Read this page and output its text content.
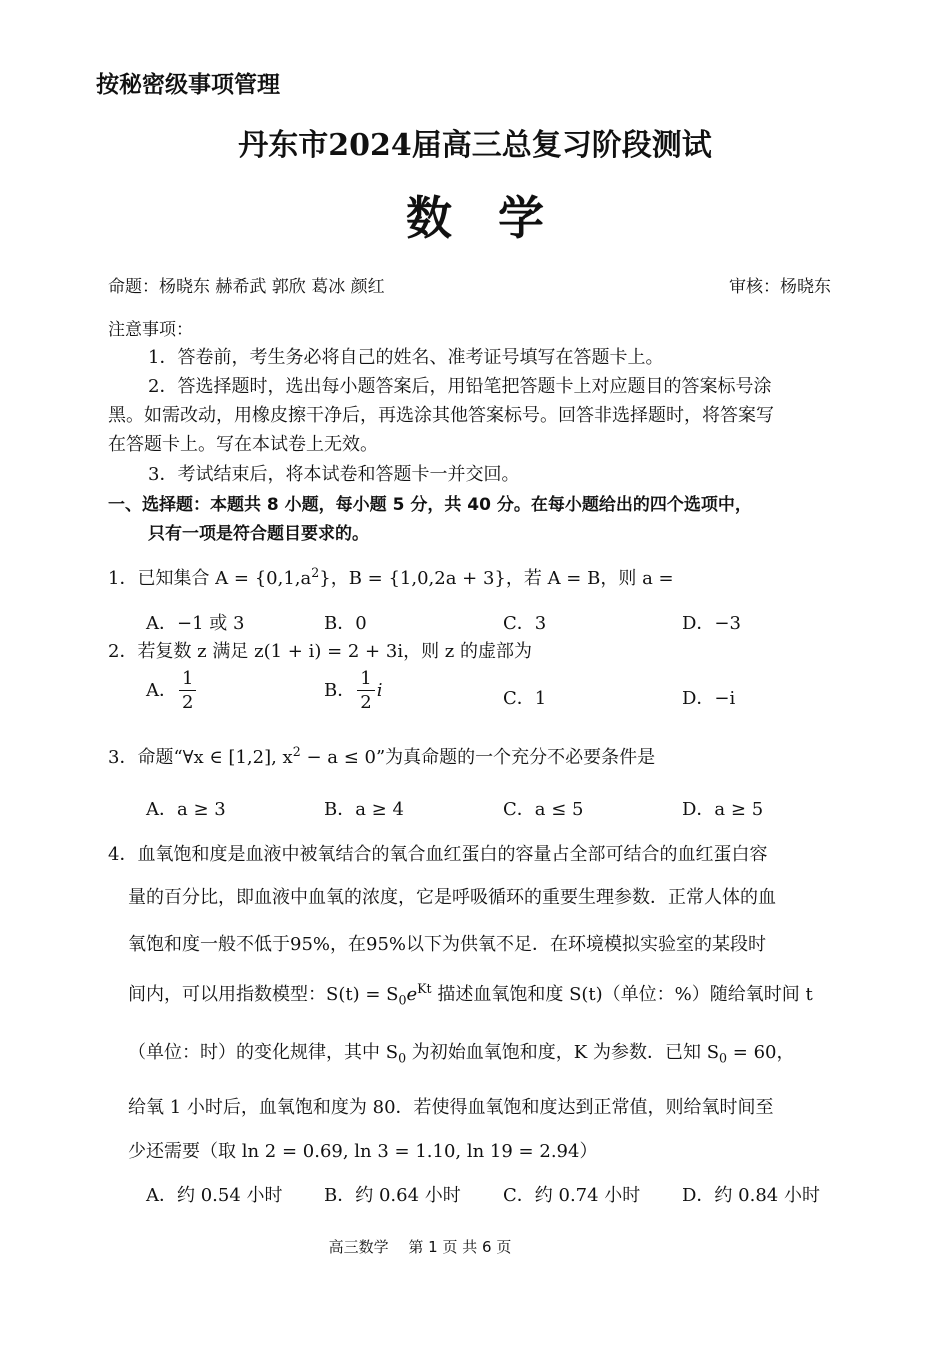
按秘密级事项管理
丹东市2024届高三总复习阶段测试
数　学
命题：杨晓东 赫希武 郭欣 葛冰 颜红	审核：杨晓东
注意事项：
1．答卷前，考生务必将自己的姓名、准考证号填写在答题卡上。
2．答选择题时，选出每小题答案后，用铅笔把答题卡上对应题目的答案标号涂
黑。如需改动，用橡皮擦干净后，再选涂其他答案标号。回答非选择题时，将答案写
在答题卡上。写在本试卷上无效。
3．考试结束后，将本试卷和答题卡一并交回。
一、选择题：本题共 8 小题，每小题 5 分，共 40 分。在每小题给出的四个选项中，
只有一项是符合题目要求的。
1．已知集合 $A = \{0,1,a^2\}$，B = {1,0,2a + 3}，若 A = B，则 a =
A．−1 或 3	B．0	C．3	D．−3
2．若复数 z 满足 z(1 + i) = 2 + 3i，则 z 的虚部为
A． $\frac{1}{2}$	B． $\frac{1}{2}$ i	C．1	D．−i
3．命题“∀x ∈ [1,2], $x^2 - a \le 0$”为真命题的一个充分不必要条件是
A．a ≥ 3	B．a ≥ 4	C．a ≤ 5	D．a ≥ 5
4．血氧饱和度是血液中被氧结合的氧合血红蛋白的容量占全部可结合的血红蛋白容
量的百分比，即血液中血氧的浓度，它是呼吸循环的重要生理参数．正常人体的血
氧饱和度一般不低于95%，在95%以下为供氧不足．在环境模拟实验室的某段时
间内，可以用指数模型：$S(t) = S_0e^{Kt}$ 描述血氧饱和度 S(t)（单位：%）随给氧时间 t
（单位：时）的变化规律，其中 $S_0$ 为初始血氧饱和度，K 为参数．已知 $S_0 = 60$，
给氧 1 小时后，血氧饱和度为 80．若使得血氧饱和度达到正常值，则给氧时间至
少还需要（取 ln 2 = 0.69, ln 3 = 1.10, ln 19 = 2.94）
A．约 0.54 小时 B．约 0.64 小时 C．约 0.74 小时 D．约 0.84 小时
高三数学　 第 1 页 共 6 页
